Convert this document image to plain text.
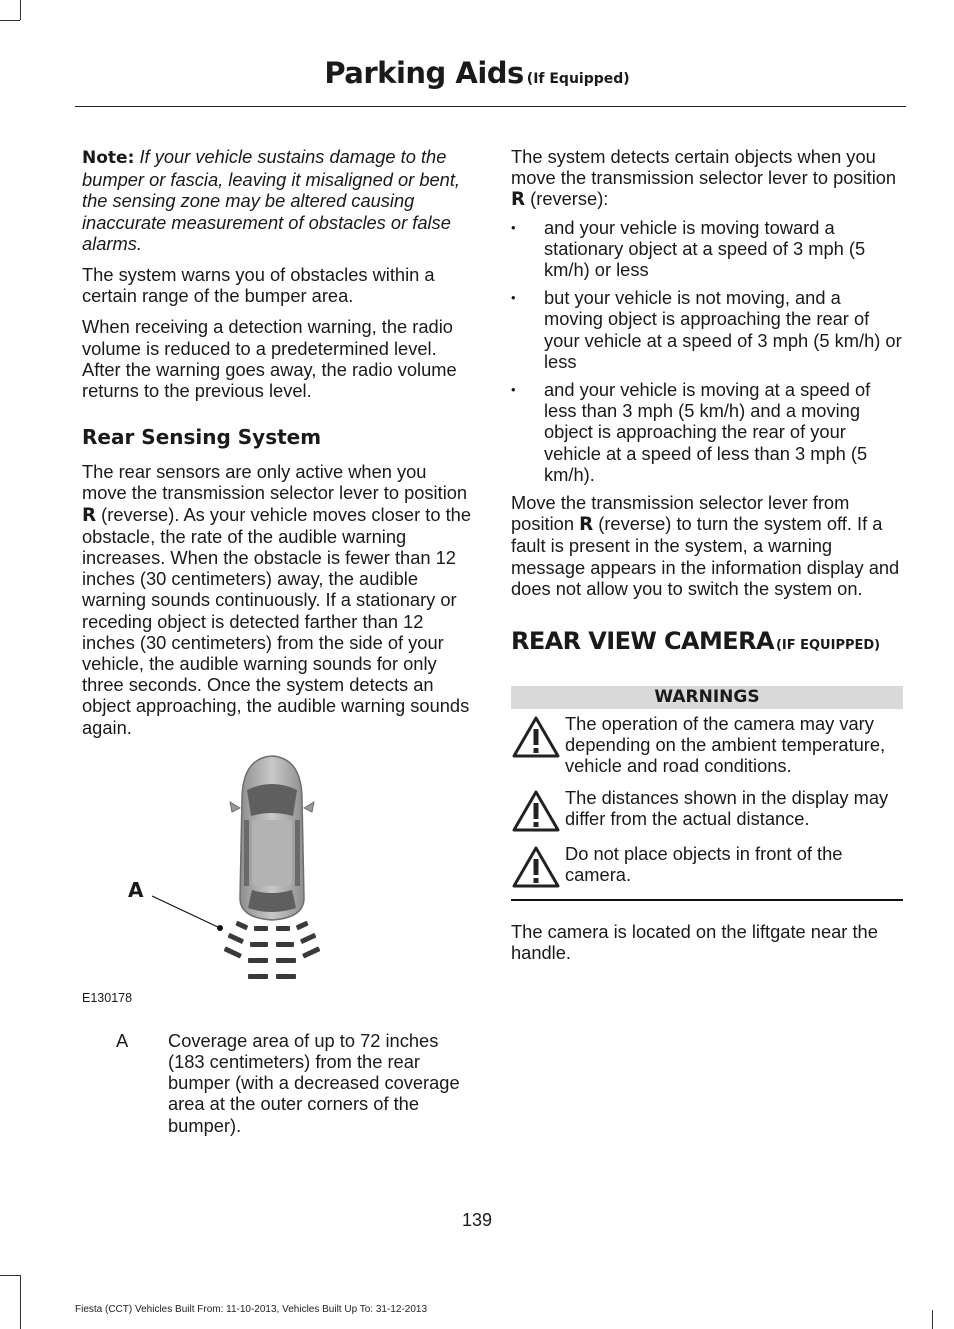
Parking Aids (If Equipped)

Note: If your vehicle sustains damage to the bumper or fascia, leaving it misaligned or bent, the sensing zone may be altered causing inaccurate measurement of obstacles or false alarms.

The system warns you of obstacles within a certain range of the bumper area.

When receiving a detection warning, the radio volume is reduced to a predetermined level. After the warning goes away, the radio volume returns to the previous level.

Rear Sensing System

The rear sensors are only active when you move the transmission selector lever to position R (reverse). As your vehicle moves closer to the obstacle, the rate of the audible warning increases. When the obstacle is fewer than 12 inches (30 centimeters) away, the audible warning sounds continuously. If a stationary or receding object is detected farther than 12 inches (30 centimeters) from the side of your vehicle, the audible warning sounds for only three seconds. Once the system detects an object approaching, the audible warning sounds again.

A
E130178
A	Coverage area of up to 72 inches (183 centimeters) from the rear bumper (with a decreased coverage area at the outer corners of the bumper).

The system detects certain objects when you move the transmission selector lever to position R (reverse):

• and your vehicle is moving toward a stationary object at a speed of 3 mph (5 km/h) or less
• but your vehicle is not moving, and a moving object is approaching the rear of your vehicle at a speed of 3 mph (5 km/h) or less
• and your vehicle is moving at a speed of less than 3 mph (5 km/h) and a moving object is approaching the rear of your vehicle at a speed of less than 3 mph (5 km/h).

Move the transmission selector lever from position R (reverse) to turn the system off. If a fault is present in the system, a warning message appears in the information display and does not allow you to switch the system on.

REAR VIEW CAMERA (IF EQUIPPED)
WARNINGS
The operation of the camera may vary depending on the ambient temperature, vehicle and road conditions.
The distances shown in the display may differ from the actual distance.
Do not place objects in front of the camera.

The camera is located on the liftgate near the handle.

139
Fiesta (CCT) Vehicles Built From: 11-10-2013, Vehicles Built Up To: 31-12-2013
